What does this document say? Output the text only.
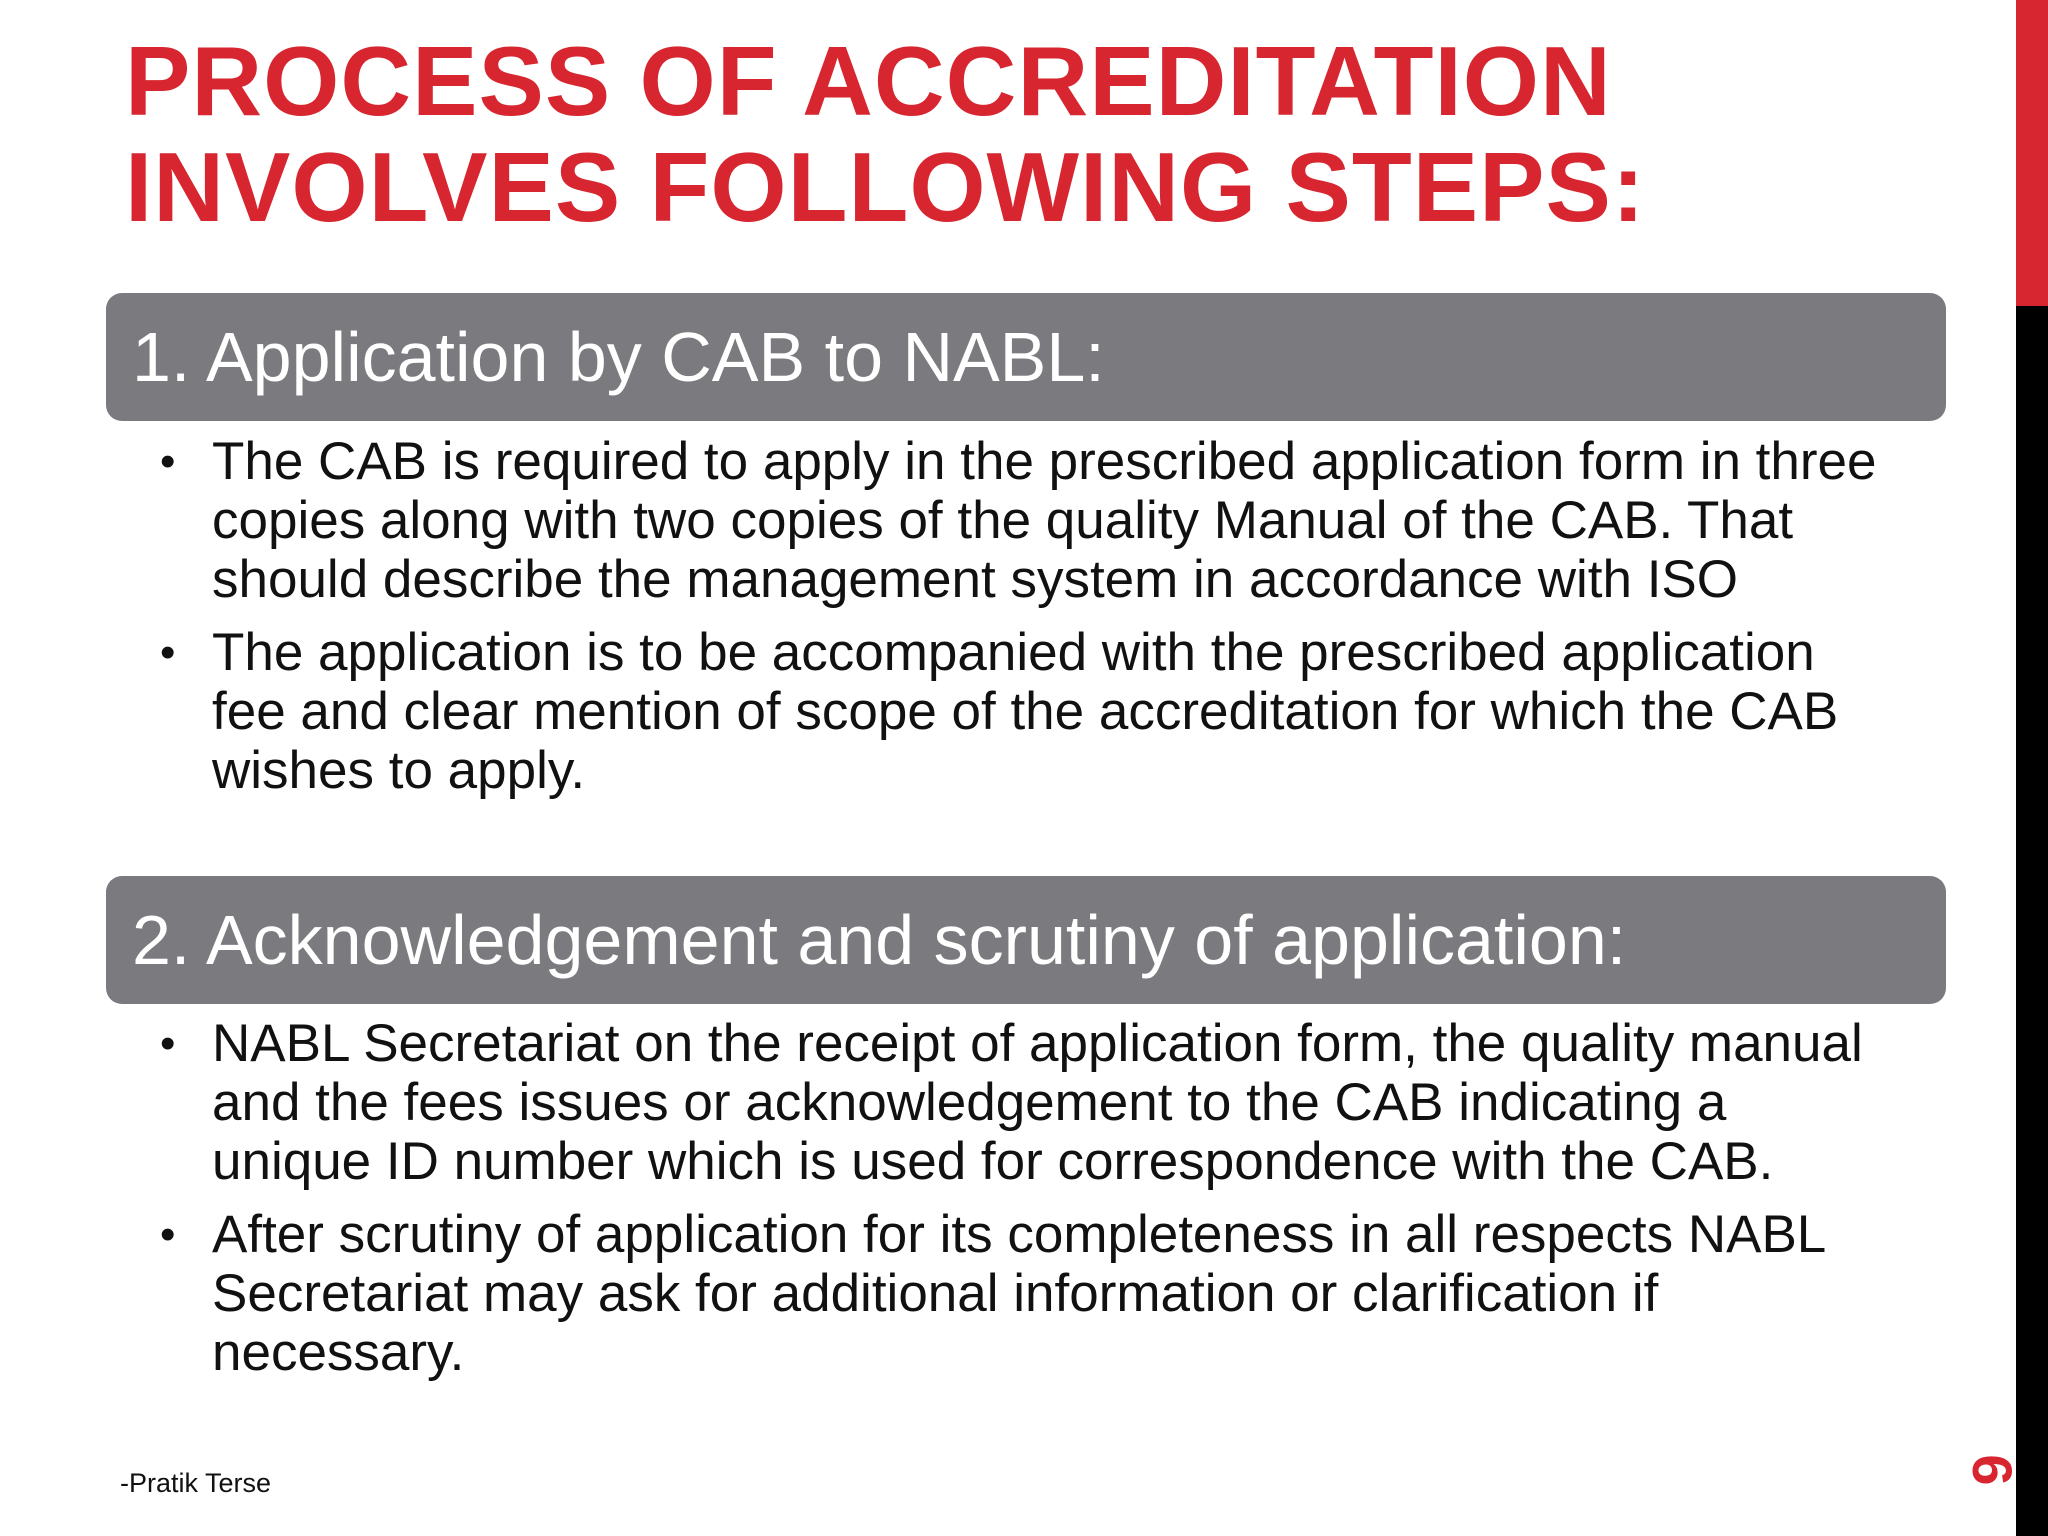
PROCESS OF ACCREDITATION
INVOLVES FOLLOWING STEPS:
1. Application by CAB to NABL:
• The CAB is required to apply in the prescribed application form in three copies along with two copies of the quality Manual of the CAB. That should describe the management system in accordance with ISO
• The application is to be accompanied with the prescribed application fee and clear mention of scope of the accreditation for which the CAB wishes to apply.
2. Acknowledgement and scrutiny of application:
• NABL Secretariat on the receipt of application form, the quality manual and the fees issues or acknowledgement to the CAB indicating a unique ID number which is used for correspondence with the CAB.
• After scrutiny of application for its completeness in all respects NABL Secretariat may ask for additional information or clarification if necessary.
-Pratik Terse	6
